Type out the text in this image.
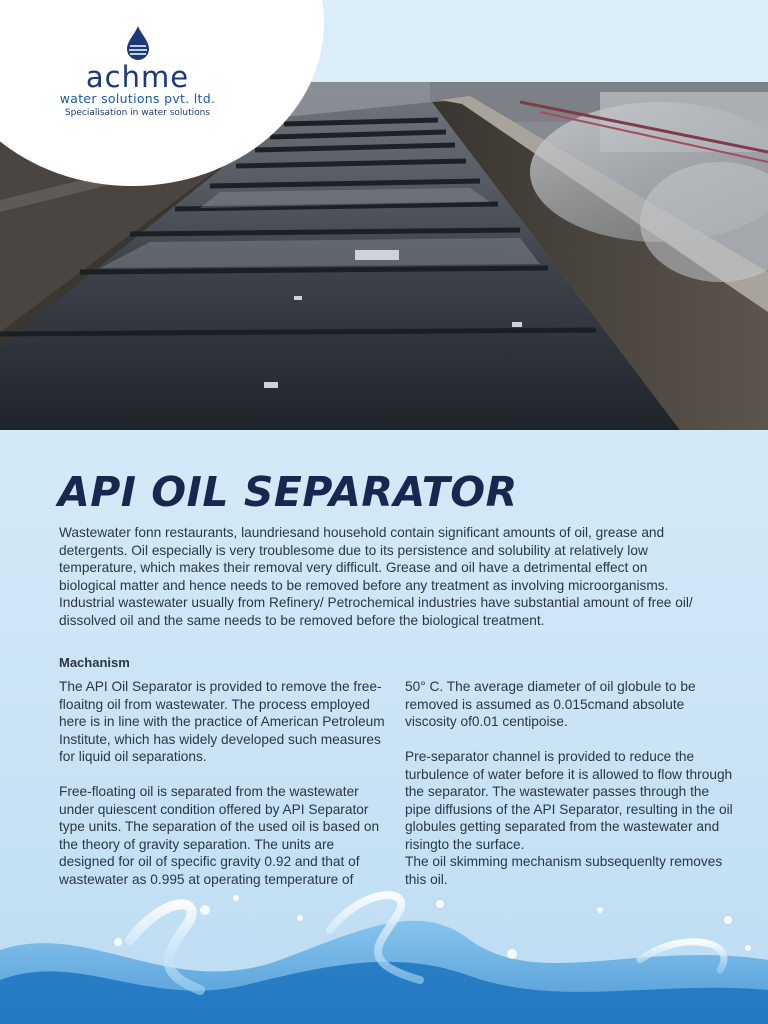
achme
water solutions pvt. ltd.
Specialisation in water solutions
API OIL SEPARATOR

Wastewater fonn restaurants, laundriesand household contain significant amounts of oil, grease and detergents. Oil especially is very troublesome due to its persistence and solubility at relatively low temperature, which makes their removal very difficult. Grease and oil have a detrimental effect on biological matter and hence needs to be removed before any treatment as involving microorganisms. Industrial wastewater usually from Refinery/ Petrochemical industries have substantial amount of free oil/ dissolved oil and the same needs to be removed before the biological treatment.

Machanism

The API Oil Separator is provided to remove the free-floaitng oil from wastewater. The process employed here is in line with the practice of American Petroleum Institute, which has widely developed such measures for liquid oil separations.

Free-floating oil is separated from the wastewater under quiescent condition offered by API Separator type units. The separation of the used oil is based on the theory of gravity separation. The units are designed for oil of specific gravity 0.92 and that of wastewater as 0.995 at operating temperature of

50° C. The average diameter of oil globule to be removed is assumed as 0.015cmand absolute viscosity of0.01 centipoise.

Pre-separator channel is provided to reduce the turbulence of water before it is allowed to flow through the separator. The wastewater passes through the pipe diffusions of the API Separator, resulting in the oil globules getting separated from the wastewater and risingto the surface.

The oil skimming mechanism subsequenlty removes this oil.
